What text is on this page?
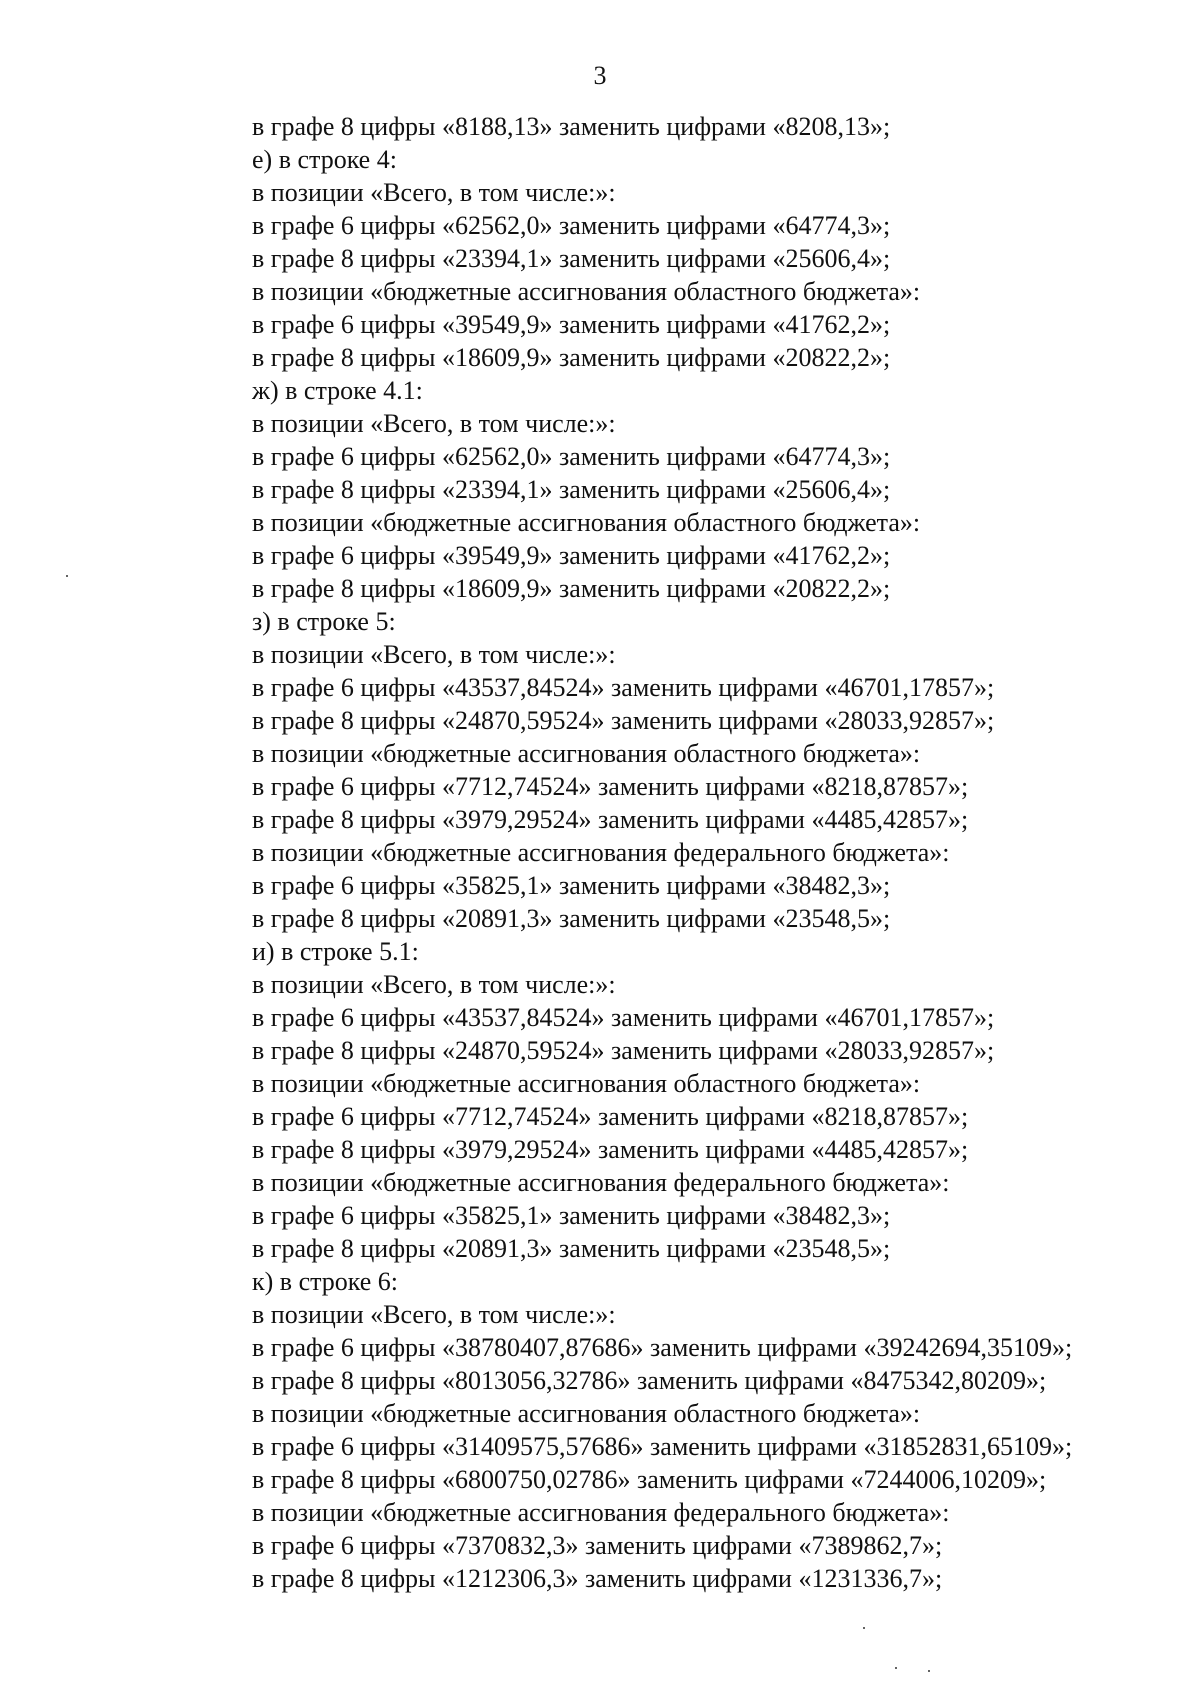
3
в графе 8 цифры «8188,13» заменить цифрами «8208,13»;
е) в строке 4:
в позиции «Всего, в том числе:»:
в графе 6 цифры «62562,0» заменить цифрами «64774,3»;
в графе 8 цифры «23394,1» заменить цифрами «25606,4»;
в позиции «бюджетные ассигнования областного бюджета»:
в графе 6 цифры «39549,9» заменить цифрами «41762,2»;
в графе 8 цифры «18609,9» заменить цифрами «20822,2»;
ж) в строке 4.1:
в позиции «Всего, в том числе:»:
в графе 6 цифры «62562,0» заменить цифрами «64774,3»;
в графе 8 цифры «23394,1» заменить цифрами «25606,4»;
в позиции «бюджетные ассигнования областного бюджета»:
в графе 6 цифры «39549,9» заменить цифрами «41762,2»;
в графе 8 цифры «18609,9» заменить цифрами «20822,2»;
з) в строке 5:
в позиции «Всего, в том числе:»:
в графе 6 цифры «43537,84524» заменить цифрами «46701,17857»;
в графе 8 цифры «24870,59524» заменить цифрами «28033,92857»;
в позиции «бюджетные ассигнования областного бюджета»:
в графе 6 цифры «7712,74524» заменить цифрами «8218,87857»;
в графе 8 цифры «3979,29524» заменить цифрами «4485,42857»;
в позиции «бюджетные ассигнования федерального бюджета»:
в графе 6 цифры «35825,1» заменить цифрами «38482,3»;
в графе 8 цифры «20891,3» заменить цифрами «23548,5»;
и) в строке 5.1:
в позиции «Всего, в том числе:»:
в графе 6 цифры «43537,84524» заменить цифрами «46701,17857»;
в графе 8 цифры «24870,59524» заменить цифрами «28033,92857»;
в позиции «бюджетные ассигнования областного бюджета»:
в графе 6 цифры «7712,74524» заменить цифрами «8218,87857»;
в графе 8 цифры «3979,29524» заменить цифрами «4485,42857»;
в позиции «бюджетные ассигнования федерального бюджета»:
в графе 6 цифры «35825,1» заменить цифрами «38482,3»;
в графе 8 цифры «20891,3» заменить цифрами «23548,5»;
к) в строке 6:
в позиции «Всего, в том числе:»:
в графе 6 цифры «38780407,87686» заменить цифрами «39242694,35109»;
в графе 8 цифры «8013056,32786» заменить цифрами «8475342,80209»;
в позиции «бюджетные ассигнования областного бюджета»:
в графе 6 цифры «31409575,57686» заменить цифрами «31852831,65109»;
в графе 8 цифры «6800750,02786» заменить цифрами «7244006,10209»;
в позиции «бюджетные ассигнования федерального бюджета»:
в графе 6 цифры «7370832,3» заменить цифрами «7389862,7»;
в графе 8 цифры «1212306,3» заменить цифрами «1231336,7»;
